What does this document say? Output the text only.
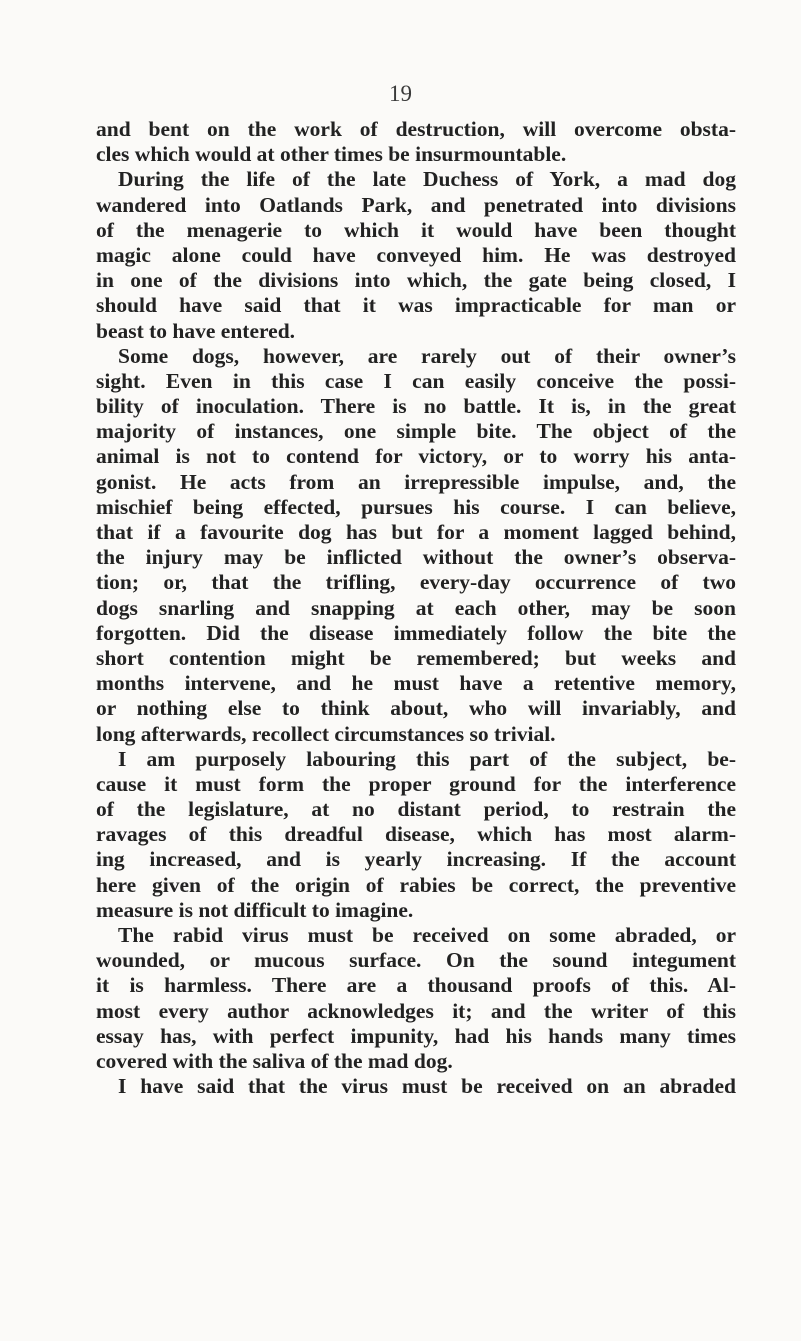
19
and bent on the work of destruction, will overcome obsta-
cles which would at other times be insurmountable.
During the life of the late Duchess of York, a mad dog
wandered into Oatlands Park, and penetrated into divisions
of the menagerie to which it would have been thought
magic alone could have conveyed him. He was destroyed
in one of the divisions into which, the gate being closed, I
should have said that it was impracticable for man or
beast to have entered.
Some dogs, however, are rarely out of their owner’s
sight. Even in this case I can easily conceive the possi-
bility of inoculation. There is no battle. It is, in the great
majority of instances, one simple bite. The object of the
animal is not to contend for victory, or to worry his anta-
gonist. He acts from an irrepressible impulse, and, the
mischief being effected, pursues his course. I can believe,
that if a favourite dog has but for a moment lagged behind,
the injury may be inflicted without the owner’s observa-
tion; or, that the trifling, every-day occurrence of two
dogs snarling and snapping at each other, may be soon
forgotten. Did the disease immediately follow the bite the
short contention might be remembered; but weeks and
months intervene, and he must have a retentive memory,
or nothing else to think about, who will invariably, and
long afterwards, recollect circumstances so trivial.
I am purposely labouring this part of the subject, be-
cause it must form the proper ground for the interference
of the legislature, at no distant period, to restrain the
ravages of this dreadful disease, which has most alarm-
ing increased, and is yearly increasing. If the account
here given of the origin of rabies be correct, the preventive
measure is not difficult to imagine.
The rabid virus must be received on some abraded, or
wounded, or mucous surface. On the sound integument
it is harmless. There are a thousand proofs of this. Al-
most every author acknowledges it; and the writer of this
essay has, with perfect impunity, had his hands many times
covered with the saliva of the mad dog.
I have said that the virus must be received on an abraded
